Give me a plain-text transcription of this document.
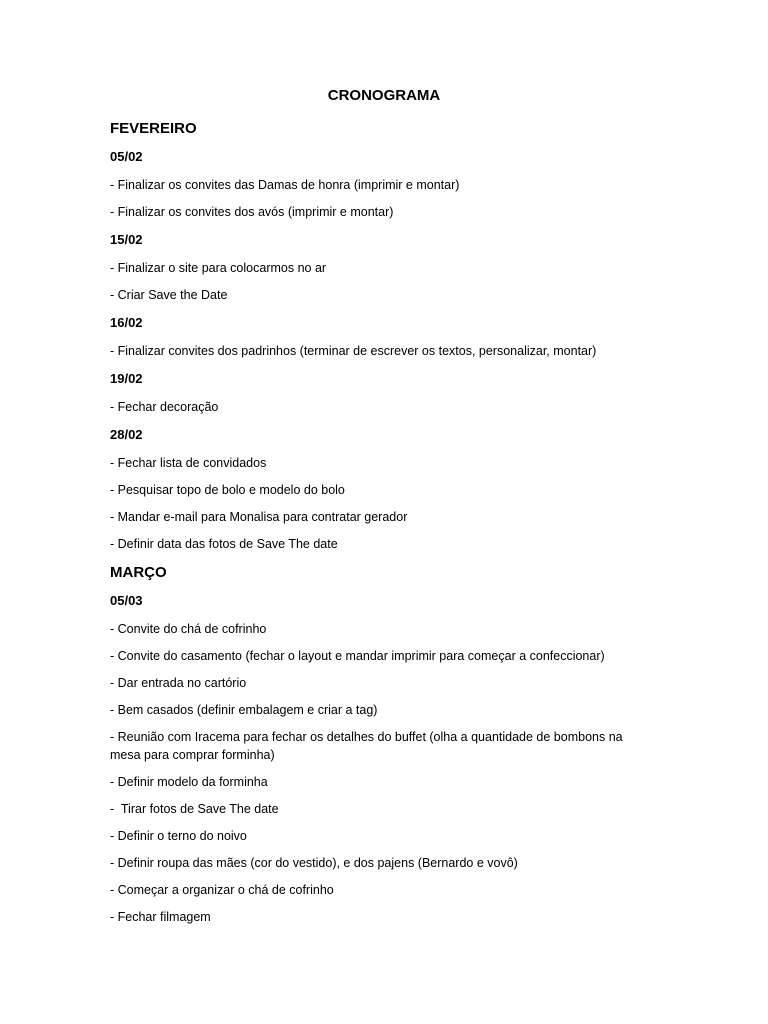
CRONOGRAMA
FEVEREIRO
05/02
- Finalizar os convites das Damas de honra (imprimir e montar)
- Finalizar os convites dos avós (imprimir e montar)
15/02
- Finalizar o site para colocarmos no ar
- Criar Save the Date
16/02
- Finalizar convites dos padrinhos (terminar de escrever os textos, personalizar, montar)
19/02
- Fechar decoração
28/02
- Fechar lista de convidados
- Pesquisar topo de bolo e modelo do bolo
- Mandar e-mail para Monalisa para contratar gerador
- Definir data das fotos de Save The date
MARÇO
05/03
- Convite do chá de cofrinho
- Convite do casamento (fechar o layout e mandar imprimir para começar a confeccionar)
- Dar entrada no cartório
- Bem casados (definir embalagem e criar a tag)
- Reunião com Iracema para fechar os detalhes do buffet (olha a quantidade de bombons na mesa para comprar forminha)
- Definir modelo da forminha
-  Tirar fotos de Save The date
- Definir o terno do noivo
- Definir roupa das mães (cor do vestido), e dos pajens (Bernardo e vovô)
- Começar a organizar o chá de cofrinho
- Fechar filmagem
